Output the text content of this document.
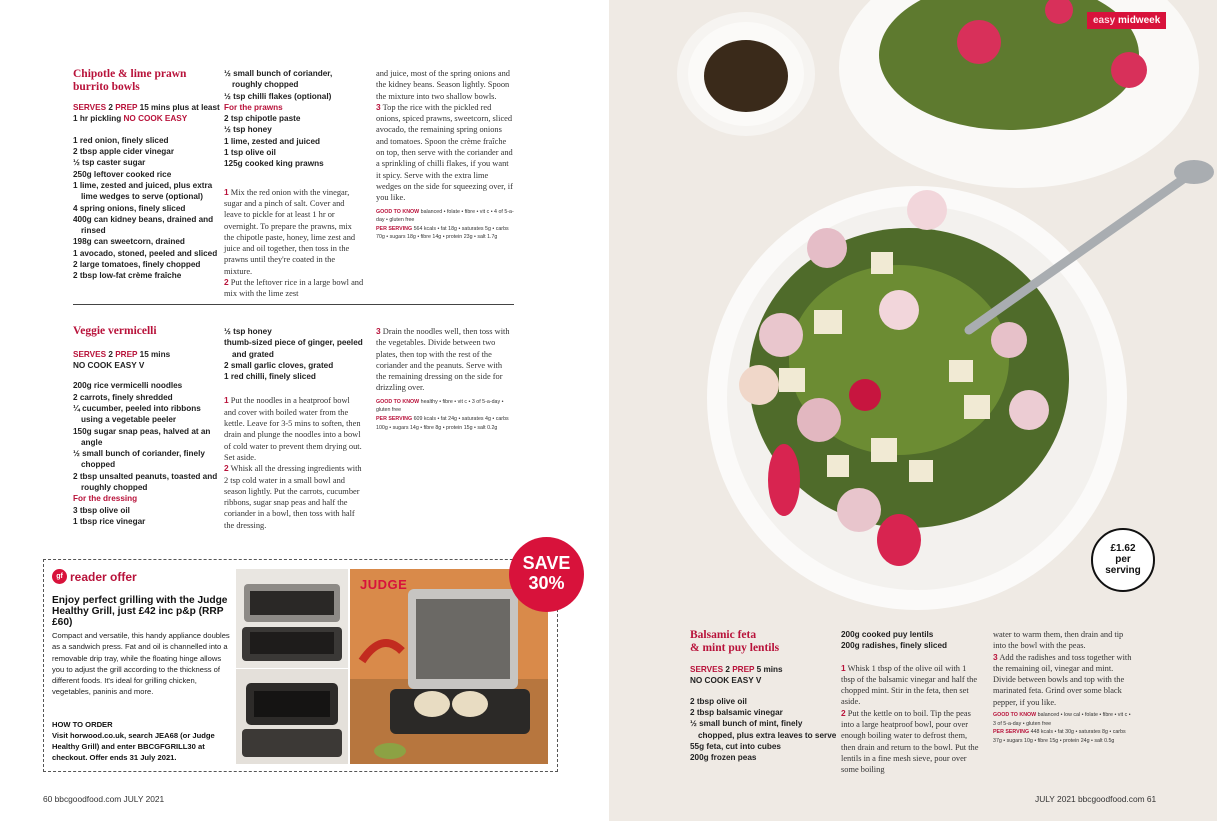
Chipotle & lime prawn
burrito bowls
SERVES 2 PREP 15 mins plus at least
1 hr pickling NO COOK EASY
1 red onion, finely sliced
2 tbsp apple cider vinegar
½ tsp caster sugar
250g leftover cooked rice
1 lime, zested and juiced, plus extra lime wedges to serve (optional)
4 spring onions, finely sliced
400g can kidney beans, drained and rinsed
198g can sweetcorn, drained
1 avocado, stoned, peeled and sliced
2 large tomatoes, finely chopped
2 tbsp low-fat crème fraîche
½ small bunch of coriander, roughly chopped
½ tsp chilli flakes (optional)
For the prawns
2 tsp chipotle paste
½ tsp honey
1 lime, zested and juiced
1 tsp olive oil
125g cooked king prawns
1 Mix the red onion with the vinegar, sugar and a pinch of salt. Cover and leave to pickle for at least 1 hr or overnight. To prepare the prawns, mix the chipotle paste, honey, lime zest and juice and oil together, then toss in the prawns until they're coated in the mixture.
2 Put the leftover rice in a large bowl and mix with the lime zest
and juice, most of the spring onions and the kidney beans. Season lightly. Spoon the mixture into two shallow bowls.
3 Top the rice with the pickled red onions, spiced prawns, sweetcorn, sliced avocado, the remaining spring onions and tomatoes. Spoon the crème fraîche on top, then serve with the coriander and a sprinkling of chilli flakes, if you want it spicy. Serve with the extra lime wedges on the side for squeezing over, if you like.
GOOD TO KNOW balanced • folate • fibre • vit c • 4 of 5-a-day • gluten free
PER SERVING 564 kcals • fat 18g • saturates 5g • carbs 70g • sugars 18g • fibre 14g • protein 23g • salt 1.7g
Veggie vermicelli
SERVES 2 PREP 15 mins
NO COOK EASY V
200g rice vermicelli noodles
2 carrots, finely shredded
¼ cucumber, peeled into ribbons using a vegetable peeler
150g sugar snap peas, halved at an angle
½ small bunch of coriander, finely chopped
2 tbsp unsalted peanuts, toasted and roughly chopped
For the dressing
3 tbsp olive oil
1 tbsp rice vinegar
½ tsp honey
thumb-sized piece of ginger, peeled and grated
2 small garlic cloves, grated
1 red chilli, finely sliced
1 Put the noodles in a heatproof bowl and cover with boiled water from the kettle. Leave for 3-5 mins to soften, then drain and plunge the noodles into a bowl of cold water to prevent them drying out. Set aside.
2 Whisk all the dressing ingredients with 2 tsp cold water in a small bowl and season lightly. Put the carrots, cucumber ribbons, sugar snap peas and half the coriander in a bowl, then toss with half the dressing.
3 Drain the noodles well, then toss with the vegetables. Divide between two plates, then top with the rest of the coriander and the peanuts. Serve with the remaining dressing on the side for drizzling over.
GOOD TO KNOW healthy • fibre • vit c • 3 of 5-a-day • gluten free
PER SERVING 609 kcals • fat 24g • saturates 4g • carbs 100g • sugars 14g • fibre 8g • protein 15g • salt 0.2g
gf reader offer
Enjoy perfect grilling with the Judge Healthy Grill, just £42 inc p&p (RRP £60)
Compact and versatile, this handy appliance doubles as a sandwich press. Fat and oil is channelled into a removable drip tray, while the floating hinge allows you to adjust the grill according to the thickness of different foods. It's ideal for grilling chicken, vegetables, paninis and more.
HOW TO ORDER
Visit horwood.co.uk, search JEA68 (or Judge Healthy Grill) and enter BBCGFGRILL30 at checkout. Offer ends 31 July 2021.
JUDGE
SAVE
30%
60 bbcgoodfood.com JULY 2021
easy midweek
£1.62
per
serving
Balsamic feta
& mint puy lentils
SERVES 2 PREP 5 mins
NO COOK EASY V
2 tbsp olive oil
2 tbsp balsamic vinegar
½ small bunch of mint, finely chopped, plus extra leaves to serve
55g feta, cut into cubes
200g frozen peas
200g cooked puy lentils
200g radishes, finely sliced
1 Whisk 1 tbsp of the olive oil with 1 tbsp of the balsamic vinegar and half the chopped mint. Stir in the feta, then set aside.
2 Put the kettle on to boil. Tip the peas into a large heatproof bowl, pour over enough boiling water to defrost them, then drain and return to the bowl. Put the lentils in a fine mesh sieve, pour over some boiling
water to warm them, then drain and tip into the bowl with the peas.
3 Add the radishes and toss together with the remaining oil, vinegar and mint. Divide between bowls and top with the marinated feta. Grind over some black pepper, if you like.
GOOD TO KNOW balanced • low cal • folate • fibre • vit c • 3 of 5-a-day • gluten free
PER SERVING 448 kcals • fat 30g • saturates 8g • carbs 37g • sugars 10g • fibre 15g • protein 24g • salt 0.5g
JULY 2021 bbcgoodfood.com 61
